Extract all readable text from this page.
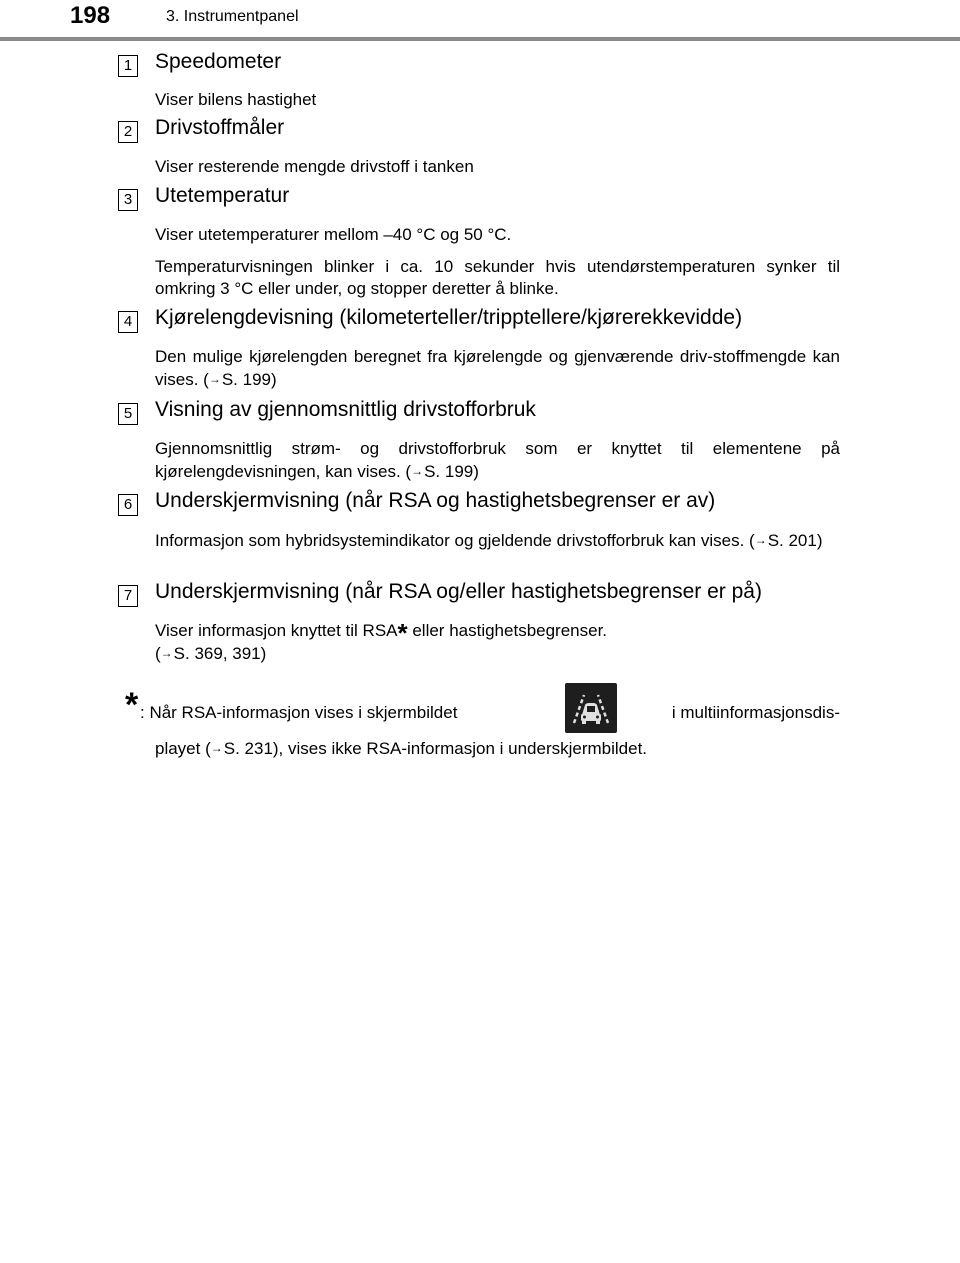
198	3. Instrumentpanel
1 Speedometer
Viser bilens hastighet
2 Drivstoffmåler
Viser resterende mengde drivstoff i tanken
3 Utetemperatur
Viser utetemperaturer mellom –40 °C og 50 °C.
Temperaturvisningen blinker i ca. 10 sekunder hvis utendørstemperaturen synker til omkring 3 °C eller under, og stopper deretter å blinke.
4 Kjørelengdevisning (kilometerteller/tripptellere/kjørerekkevidde)
Den mulige kjørelengden beregnet fra kjørelengde og gjenværende driv-stoffmengde kan vises. (→S. 199)
5 Visning av gjennomsnittlig drivstofforbruk
Gjennomsnittlig strøm- og drivstofforbruk som er knyttet til elementene på kjørelengdevisningen, kan vises. (→S. 199)
6 Underskjermvisning (når RSA og hastighetsbegrenser er av)
Informasjon som hybridsystemindikator og gjeldende drivstofforbruk kan vises. (→S. 201)
7 Underskjermvisning (når RSA og/eller hastighetsbegrenser er på)
Viser informasjon knyttet til RSA* eller hastighetsbegrenser.
(→S. 369, 391)
* : Når RSA-informasjon vises i skjermbildet	i multiinformasjonsdis-
playet (→S. 231), vises ikke RSA-informasjon i underskjermbildet.
